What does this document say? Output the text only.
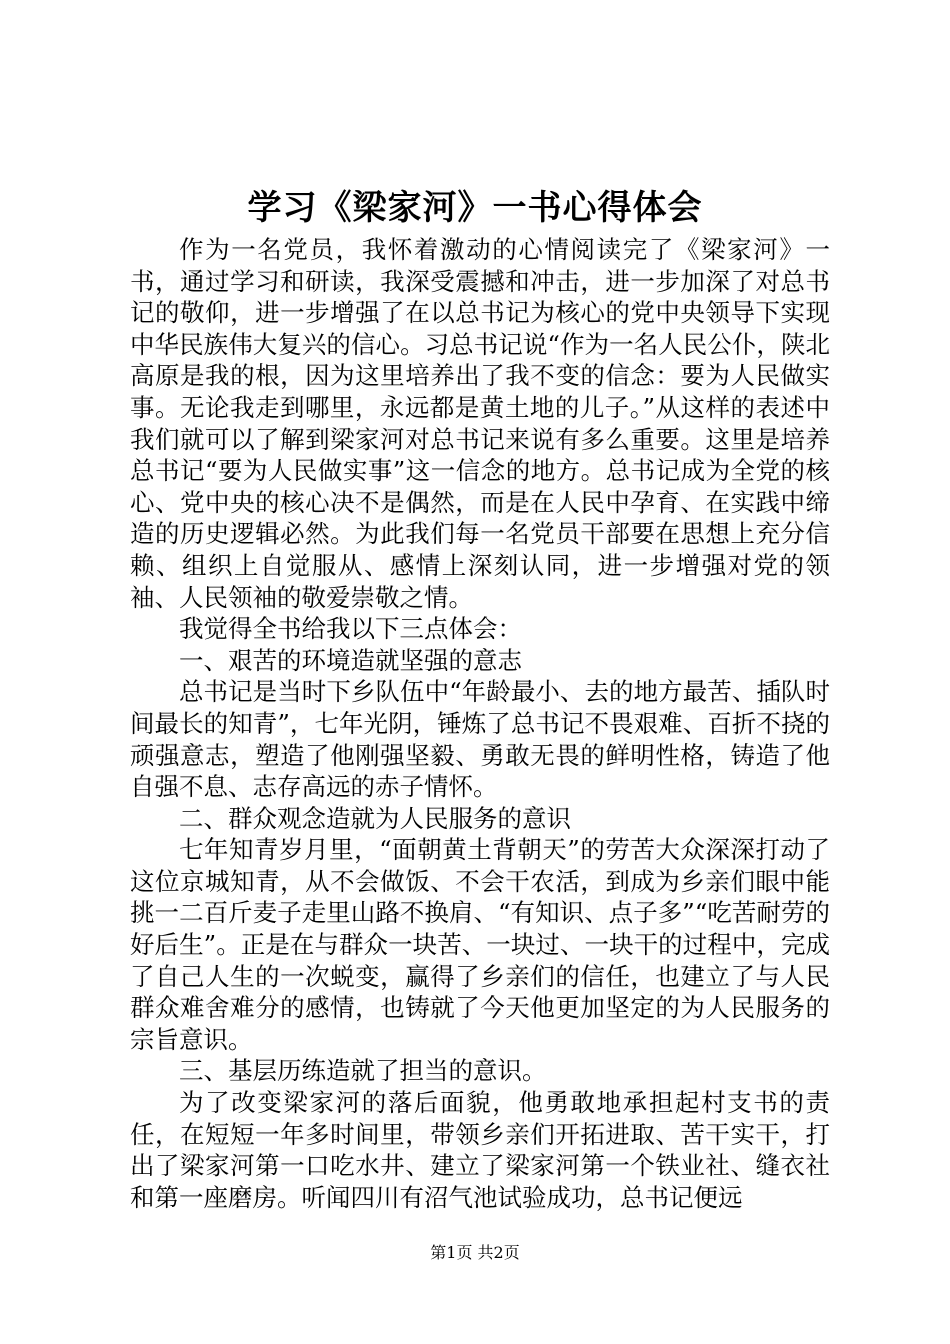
学习《梁家河》一书心得体会

作为一名党员，我怀着激动的心情阅读完了《梁家河》一书，通过学习和研读，我深受震撼和冲击，进一步加深了对总书记的敬仰，进一步增强了在以总书记为核心的党中央领导下实现中华民族伟大复兴的信心。习总书记说“作为一名人民公仆，陕北高原是我的根，因为这里培养出了我不变的信念：要为人民做实事。无论我走到哪里，永远都是黄土地的儿子。”从这样的表述中我们就可以了解到梁家河对总书记来说有多么重要。这里是培养总书记“要为人民做实事”这一信念的地方。总书记成为全党的核心、党中央的核心决不是偶然，而是在人民中孕育、在实践中缔造的历史逻辑必然。为此我们每一名党员干部要在思想上充分信赖、组织上自觉服从、感情上深刻认同，进一步增强对党的领袖、人民领袖的敬爱崇敬之情。

我觉得全书给我以下三点体会：

一、艰苦的环境造就坚强的意志

总书记是当时下乡队伍中“年龄最小、去的地方最苦、插队时间最长的知青”，七年光阴，锤炼了总书记不畏艰难、百折不挠的顽强意志，塑造了他刚强坚毅、勇敢无畏的鲜明性格，铸造了他自强不息、志存高远的赤子情怀。

二、群众观念造就为人民服务的意识

七年知青岁月里，“面朝黄土背朝天”的劳苦大众深深打动了这位京城知青，从不会做饭、不会干农活，到成为乡亲们眼中能挑一二百斤麦子走里山路不换肩、“有知识、点子多”“吃苦耐劳的好后生”。正是在与群众一块苦、一块过、一块干的过程中，完成了自己人生的一次蜕变，赢得了乡亲们的信任，也建立了与人民群众难舍难分的感情，也铸就了今天他更加坚定的为人民服务的宗旨意识。

三、基层历练造就了担当的意识。

为了改变梁家河的落后面貌，他勇敢地承担起村支书的责任，在短短一年多时间里，带领乡亲们开拓进取、苦干实干，打出了梁家河第一口吃水井、建立了梁家河第一个铁业社、缝衣社和第一座磨房。听闻四川有沼气池试验成功，总书记便远

第1页 共2页
